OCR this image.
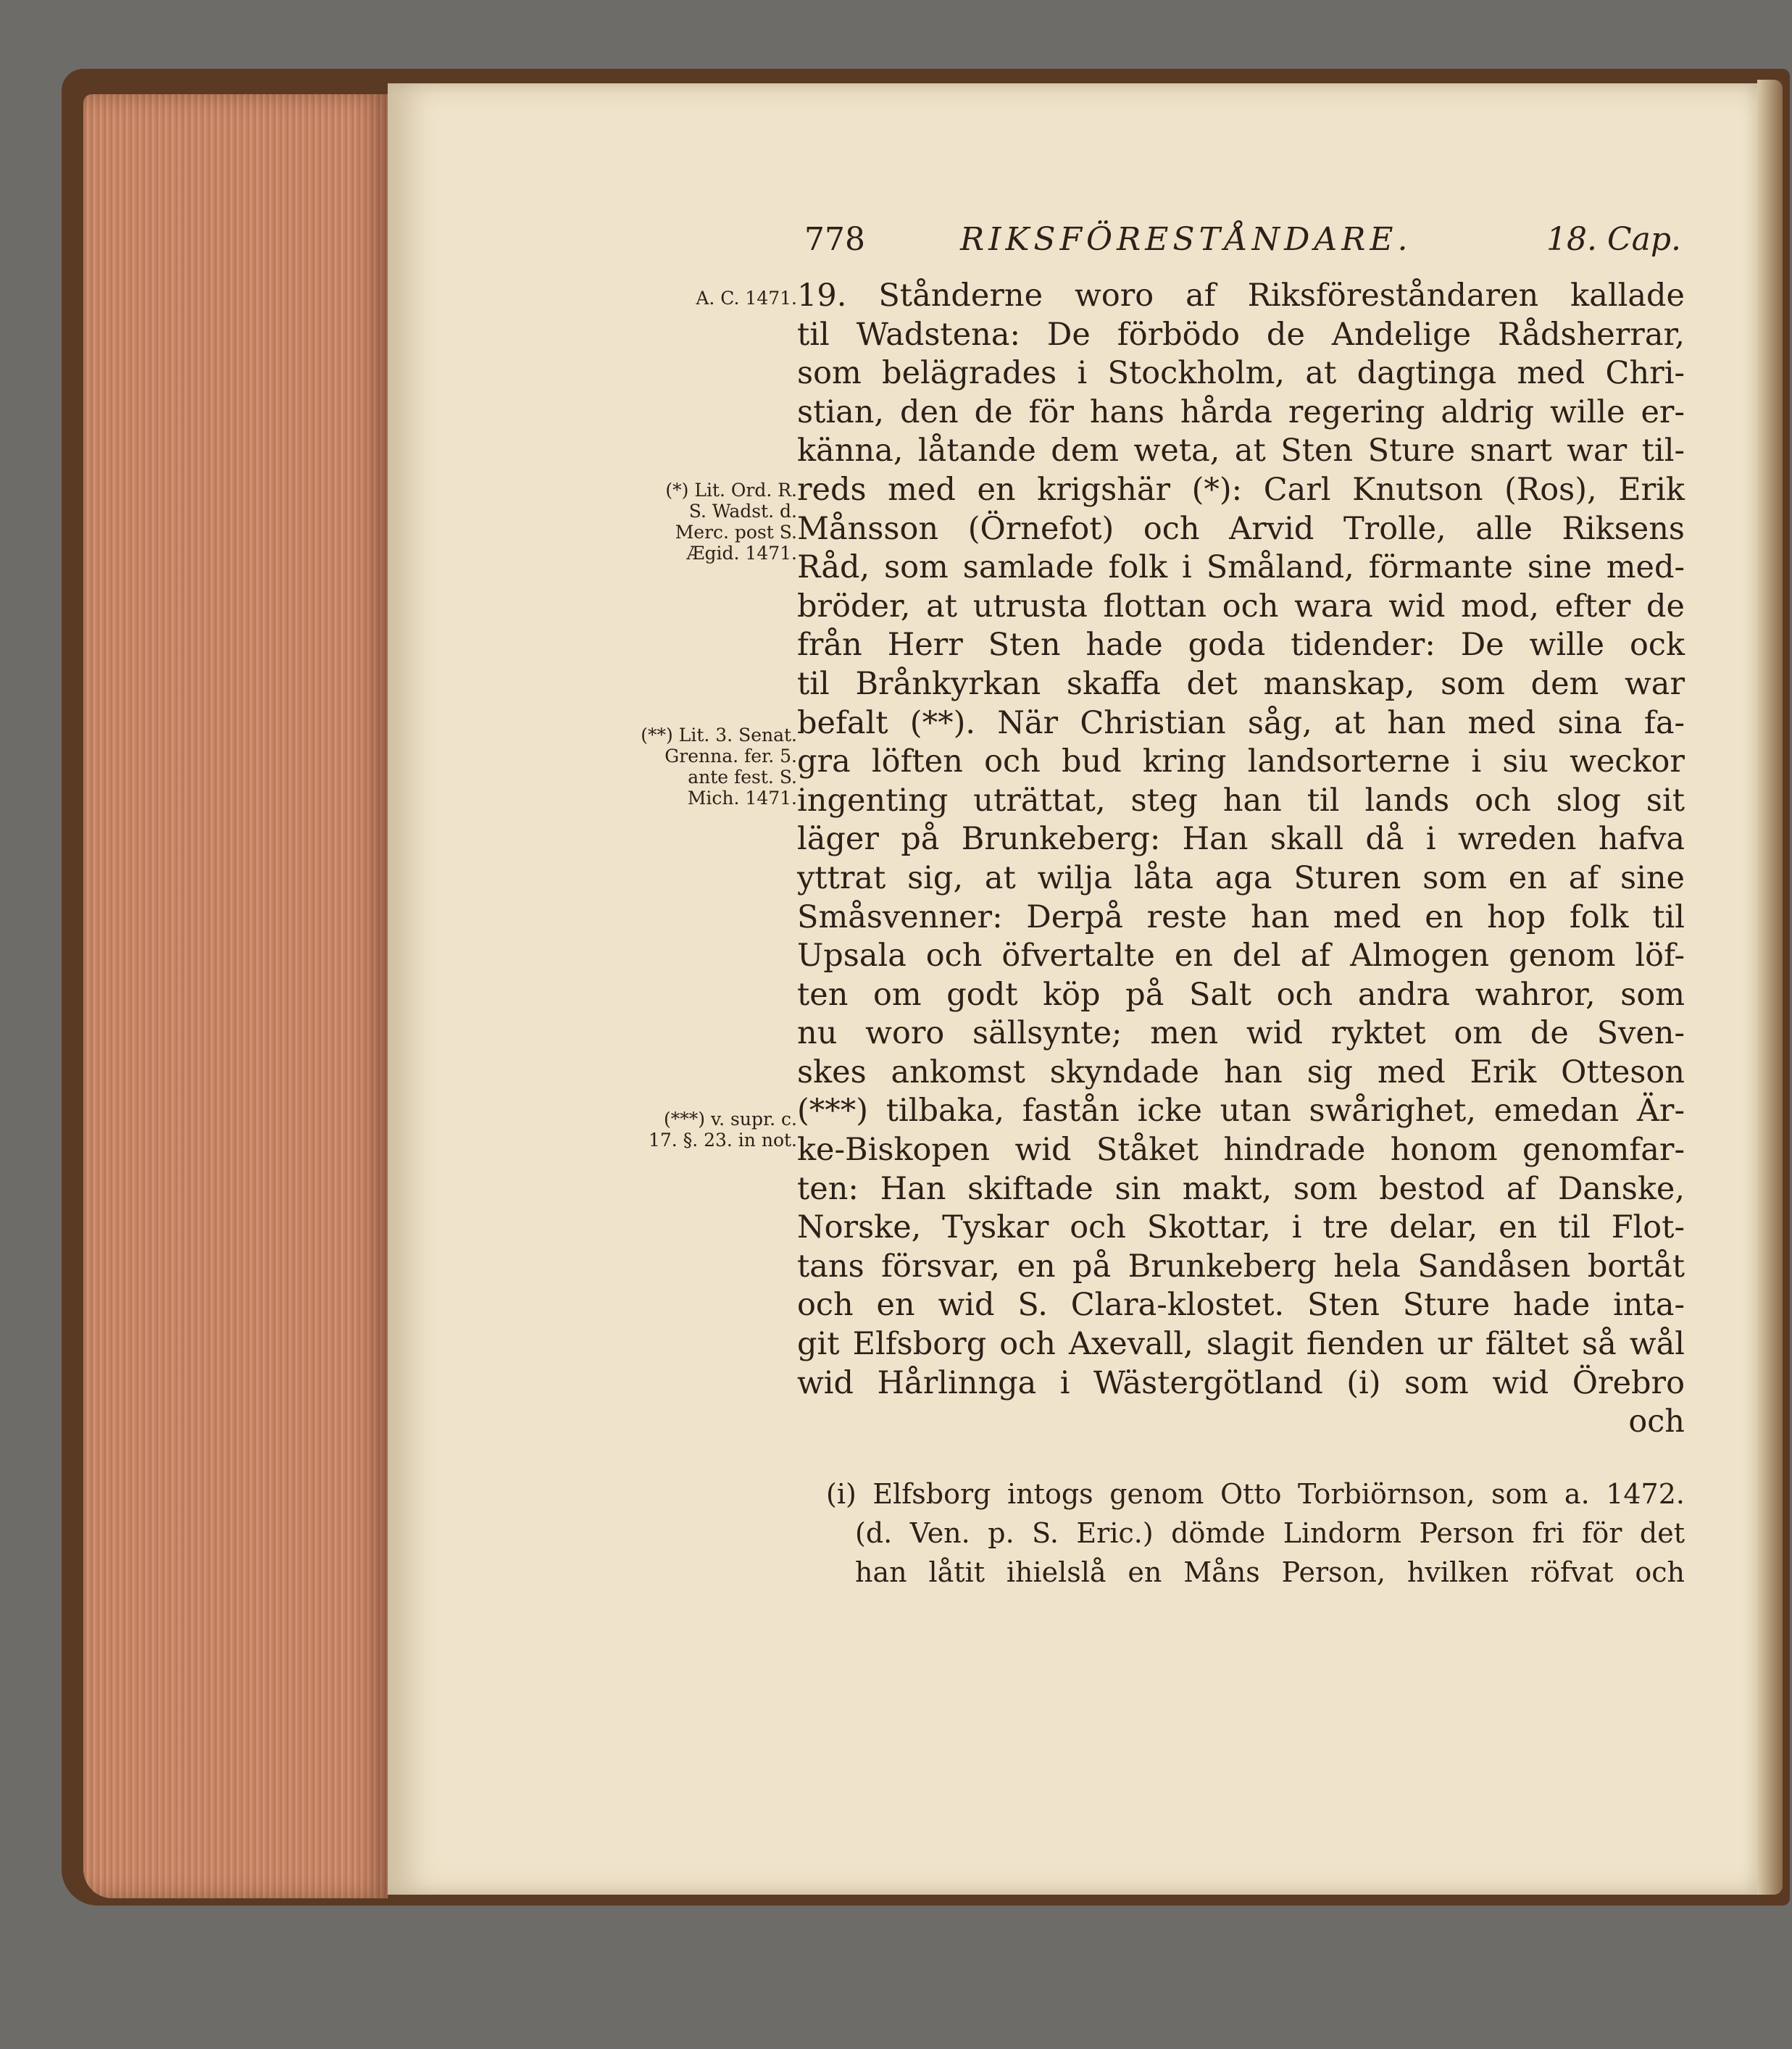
778	RIKSFÖRESTÅNDARE.	18. Cap.
A. C. 1471.
(*) Lit. Ord. R.
S. Wadst. d.
Merc. post S.
Ægid. 1471.
(**) Lit. 3. Senat.
Grenna. fer. 5.
ante fest. S.
Mich. 1471.
(***) v. supr. c.
17. §. 23. in not.
19. Stånderne woro af Riksföreståndaren kallade
til Wadstena: De förbödo de Andelige Rådsherrar,
som belägrades i Stockholm, at dagtinga med Chri-
stian, den de för hans hårda regering aldrig wille er-
känna, låtande dem weta, at Sten Sture snart war til-
reds med en krigshär (*): Carl Knutson (Ros), Erik
Månsson (Örnefot) och Arvid Trolle, alle Riksens
Råd, som samlade folk i Småland, förmante sine med-
bröder, at utrusta flottan och wara wid mod, efter de
från Herr Sten hade goda tidender: De wille ock
til Brånkyrkan skaffa det manskap, som dem war
befalt (**). När Christian såg, at han med sina fa-
gra löften och bud kring landsorterne i siu weckor
ingenting uträttat, steg han til lands och slog sit
läger på Brunkeberg: Han skall då i wreden hafva
yttrat sig, at wilja låta aga Sturen som en af sine
Småsvenner: Derpå reste han med en hop folk til
Upsala och öfvertalte en del af Almogen genom löf-
ten om godt köp på Salt och andra wahror, som
nu woro sällsynte; men wid ryktet om de Sven-
skes ankomst skyndade han sig med Erik Otteson
(***) tilbaka, fastån icke utan swårighet, emedan Är-
ke-Biskopen wid Ståket hindrade honom genomfar-
ten: Han skiftade sin makt, som bestod af Danske,
Norske, Tyskar och Skottar, i tre delar, en til Flot-
tans försvar, en på Brunkeberg hela Sandåsen bortåt
och en wid S. Clara-klostet. Sten Sture hade inta-
git Elfsborg och Axevall, slagit fienden ur fältet så wål
wid Hårlinnga i Wästergötland (i) som wid Örebro
och
(i) Elfsborg intogs genom Otto Torbiörnson, som a. 1472.
(d. Ven. p. S. Eric.) dömde Lindorm Person fri för det
han låtit ihielslå en Måns Person, hvilken röfvat och
